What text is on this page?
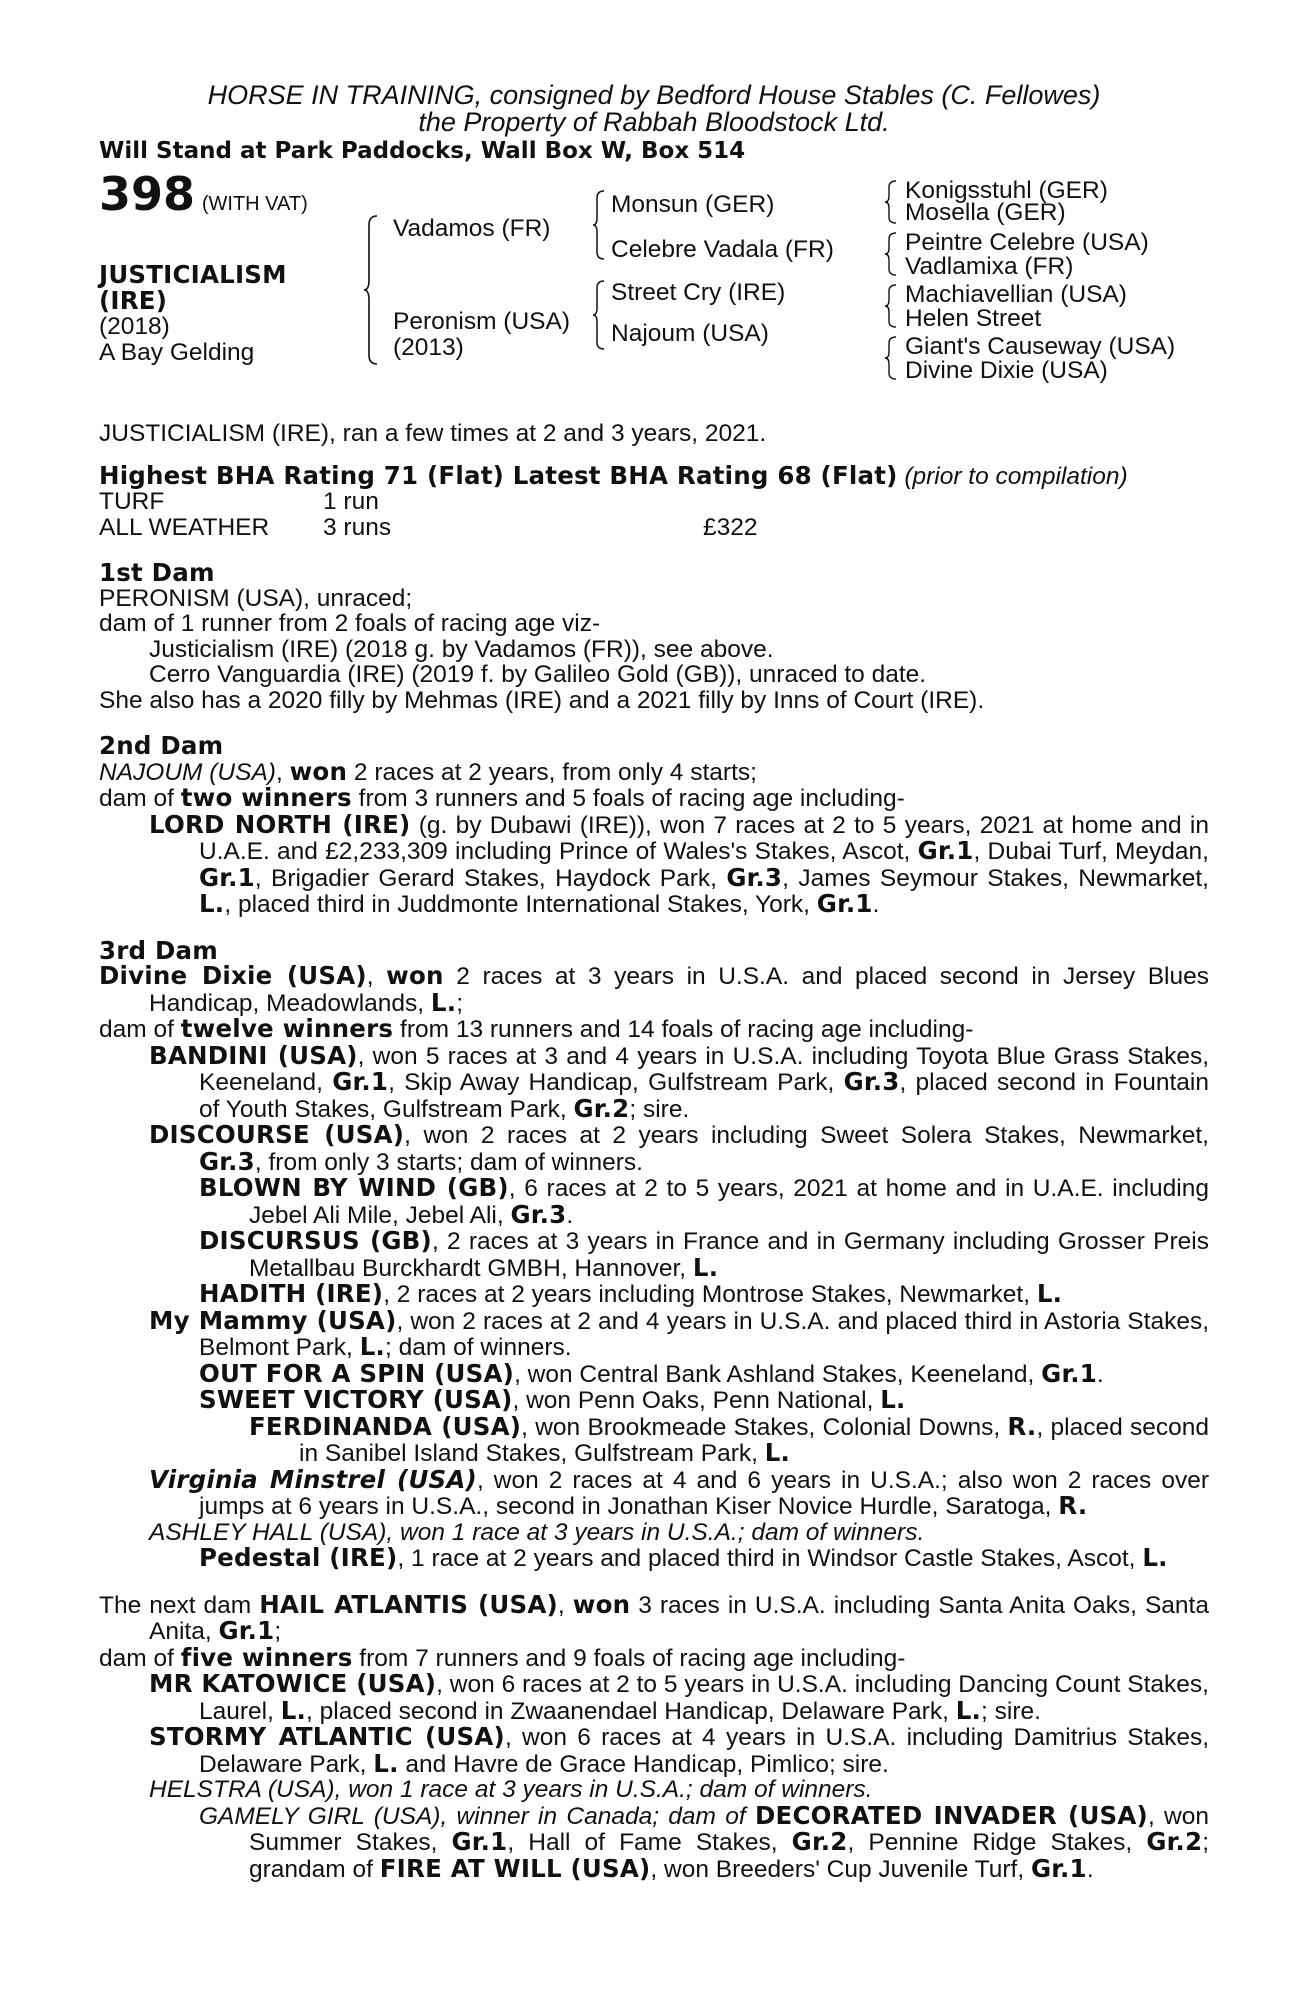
HORSE IN TRAINING, consigned by Bedford House Stables (C. Fellowes)
the Property of Rabbah Bloodstock Ltd.
Will Stand at Park Paddocks, Wall Box W, Box 514
398 (WITH VAT)
JUSTICIALISM
(IRE)
(2018)
A Bay Gelding
Vadamos (FR)
Peronism (USA)
(2013)
Monsun (GER)
Celebre Vadala (FR)
Street Cry (IRE)
Najoum (USA)
Konigsstuhl (GER)
Mosella (GER)
Peintre Celebre (USA)
Vadlamixa (FR)
Machiavellian (USA)
Helen Street
Giant's Causeway (USA)
Divine Dixie (USA)
JUSTICIALISM (IRE), ran a few times at 2 and 3 years, 2021.
Highest BHA Rating 71 (Flat) Latest BHA Rating 68 (Flat) (prior to compilation)
TURF	1 run
ALL WEATHER 3 runs	£322
1st Dam
PERONISM (USA), unraced;
dam of 1 runner from 2 foals of racing age viz-
Justicialism (IRE) (2018 g. by Vadamos (FR)), see above.
Cerro Vanguardia (IRE) (2019 f. by Galileo Gold (GB)), unraced to date.
She also has a 2020 filly by Mehmas (IRE) and a 2021 filly by Inns of Court (IRE).
2nd Dam
NAJOUM (USA), won 2 races at 2 years, from only 4 starts;
dam of two winners from 3 runners and 5 foals of racing age including-
LORD NORTH (IRE) (g. by Dubawi (IRE)), won 7 races at 2 to 5 years, 2021 at home and in U.A.E. and £2,233,309 including Prince of Wales's Stakes, Ascot, Gr.1, Dubai Turf, Meydan, Gr.1, Brigadier Gerard Stakes, Haydock Park, Gr.3, James Seymour Stakes, Newmarket, L., placed third in Juddmonte International Stakes, York, Gr.1.
3rd Dam
Divine Dixie (USA), won 2 races at 3 years in U.S.A. and placed second in Jersey Blues Handicap, Meadowlands, L.;
dam of twelve winners from 13 runners and 14 foals of racing age including-
BANDINI (USA), won 5 races at 3 and 4 years in U.S.A. including Toyota Blue Grass Stakes, Keeneland, Gr.1, Skip Away Handicap, Gulfstream Park, Gr.3, placed second in Fountain of Youth Stakes, Gulfstream Park, Gr.2; sire.
DISCOURSE (USA), won 2 races at 2 years including Sweet Solera Stakes, Newmarket, Gr.3, from only 3 starts; dam of winners.
BLOWN BY WIND (GB), 6 races at 2 to 5 years, 2021 at home and in U.A.E. including Jebel Ali Mile, Jebel Ali, Gr.3.
DISCURSUS (GB), 2 races at 3 years in France and in Germany including Grosser Preis Metallbau Burckhardt GMBH, Hannover, L.
HADITH (IRE), 2 races at 2 years including Montrose Stakes, Newmarket, L.
My Mammy (USA), won 2 races at 2 and 4 years in U.S.A. and placed third in Astoria Stakes, Belmont Park, L.; dam of winners.
OUT FOR A SPIN (USA), won Central Bank Ashland Stakes, Keeneland, Gr.1.
SWEET VICTORY (USA), won Penn Oaks, Penn National, L.
FERDINANDA (USA), won Brookmeade Stakes, Colonial Downs, R., placed second in Sanibel Island Stakes, Gulfstream Park, L.
Virginia Minstrel (USA), won 2 races at 4 and 6 years in U.S.A.; also won 2 races over jumps at 6 years in U.S.A., second in Jonathan Kiser Novice Hurdle, Saratoga, R.
ASHLEY HALL (USA), won 1 race at 3 years in U.S.A.; dam of winners.
Pedestal (IRE), 1 race at 2 years and placed third in Windsor Castle Stakes, Ascot, L.
The next dam HAIL ATLANTIS (USA), won 3 races in U.S.A. including Santa Anita Oaks, Santa Anita, Gr.1;
dam of five winners from 7 runners and 9 foals of racing age including-
MR KATOWICE (USA), won 6 races at 2 to 5 years in U.S.A. including Dancing Count Stakes, Laurel, L., placed second in Zwaanendael Handicap, Delaware Park, L.; sire.
STORMY ATLANTIC (USA), won 6 races at 4 years in U.S.A. including Damitrius Stakes, Delaware Park, L. and Havre de Grace Handicap, Pimlico; sire.
HELSTRA (USA), won 1 race at 3 years in U.S.A.; dam of winners.
GAMELY GIRL (USA), winner in Canada; dam of DECORATED INVADER (USA), won Summer Stakes, Gr.1, Hall of Fame Stakes, Gr.2, Pennine Ridge Stakes, Gr.2; grandam of FIRE AT WILL (USA), won Breeders' Cup Juvenile Turf, Gr.1.
